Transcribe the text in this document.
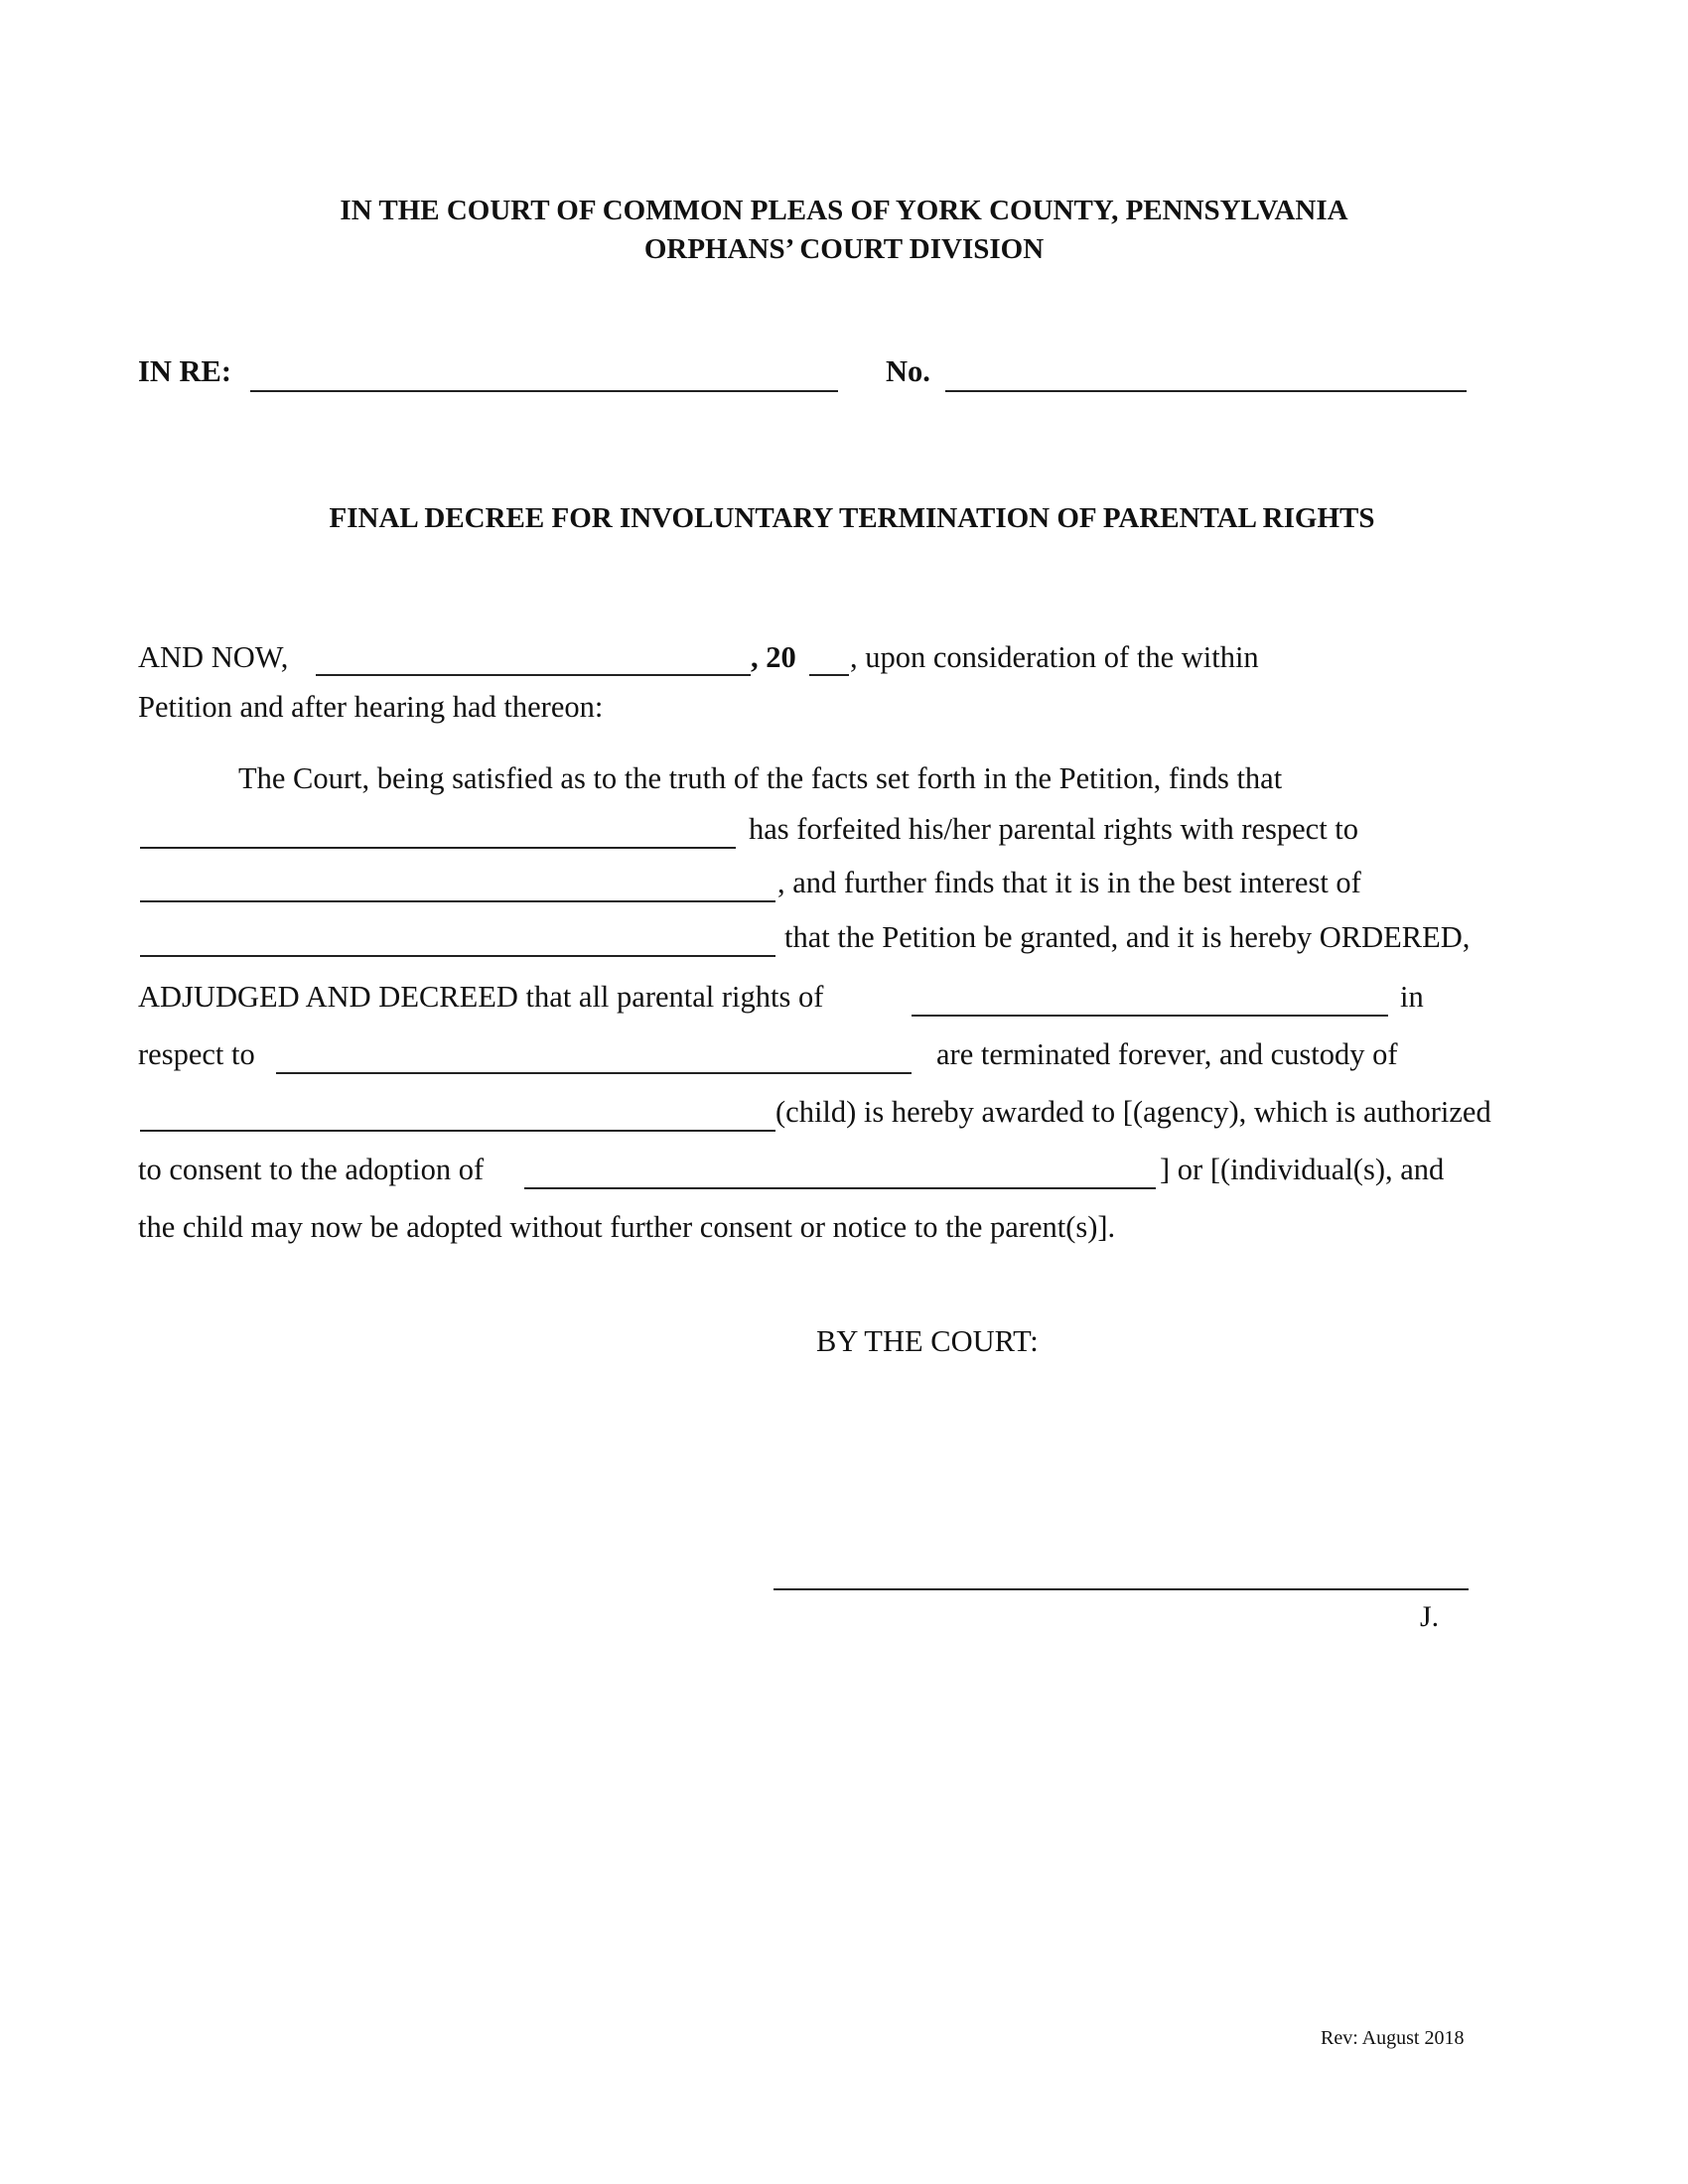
IN THE COURT OF COMMON PLEAS OF YORK COUNTY, PENNSYLVANIA
ORPHANS’ COURT DIVISION
IN RE:	No.
FINAL DECREE FOR INVOLUNTARY TERMINATION OF PARENTAL RIGHTS
AND NOW,	, 20 , upon consideration of the within
Petition and after hearing had thereon:
The Court, being satisfied as to the truth of the facts set forth in the Petition, finds that
has forfeited his/her parental rights with respect to
, and further finds that it is in the best interest of
that the Petition be granted, and it is hereby ORDERED,
ADJUDGED AND DECREED that all parental rights of	in
respect to	are terminated forever, and custody of
(child) is hereby awarded to [(agency), which is authorized
to consent to the adoption of	] or [(individual(s), and
the child may now be adopted without further consent or notice to the parent(s)].
BY THE COURT:
J.
Rev: August 2018
